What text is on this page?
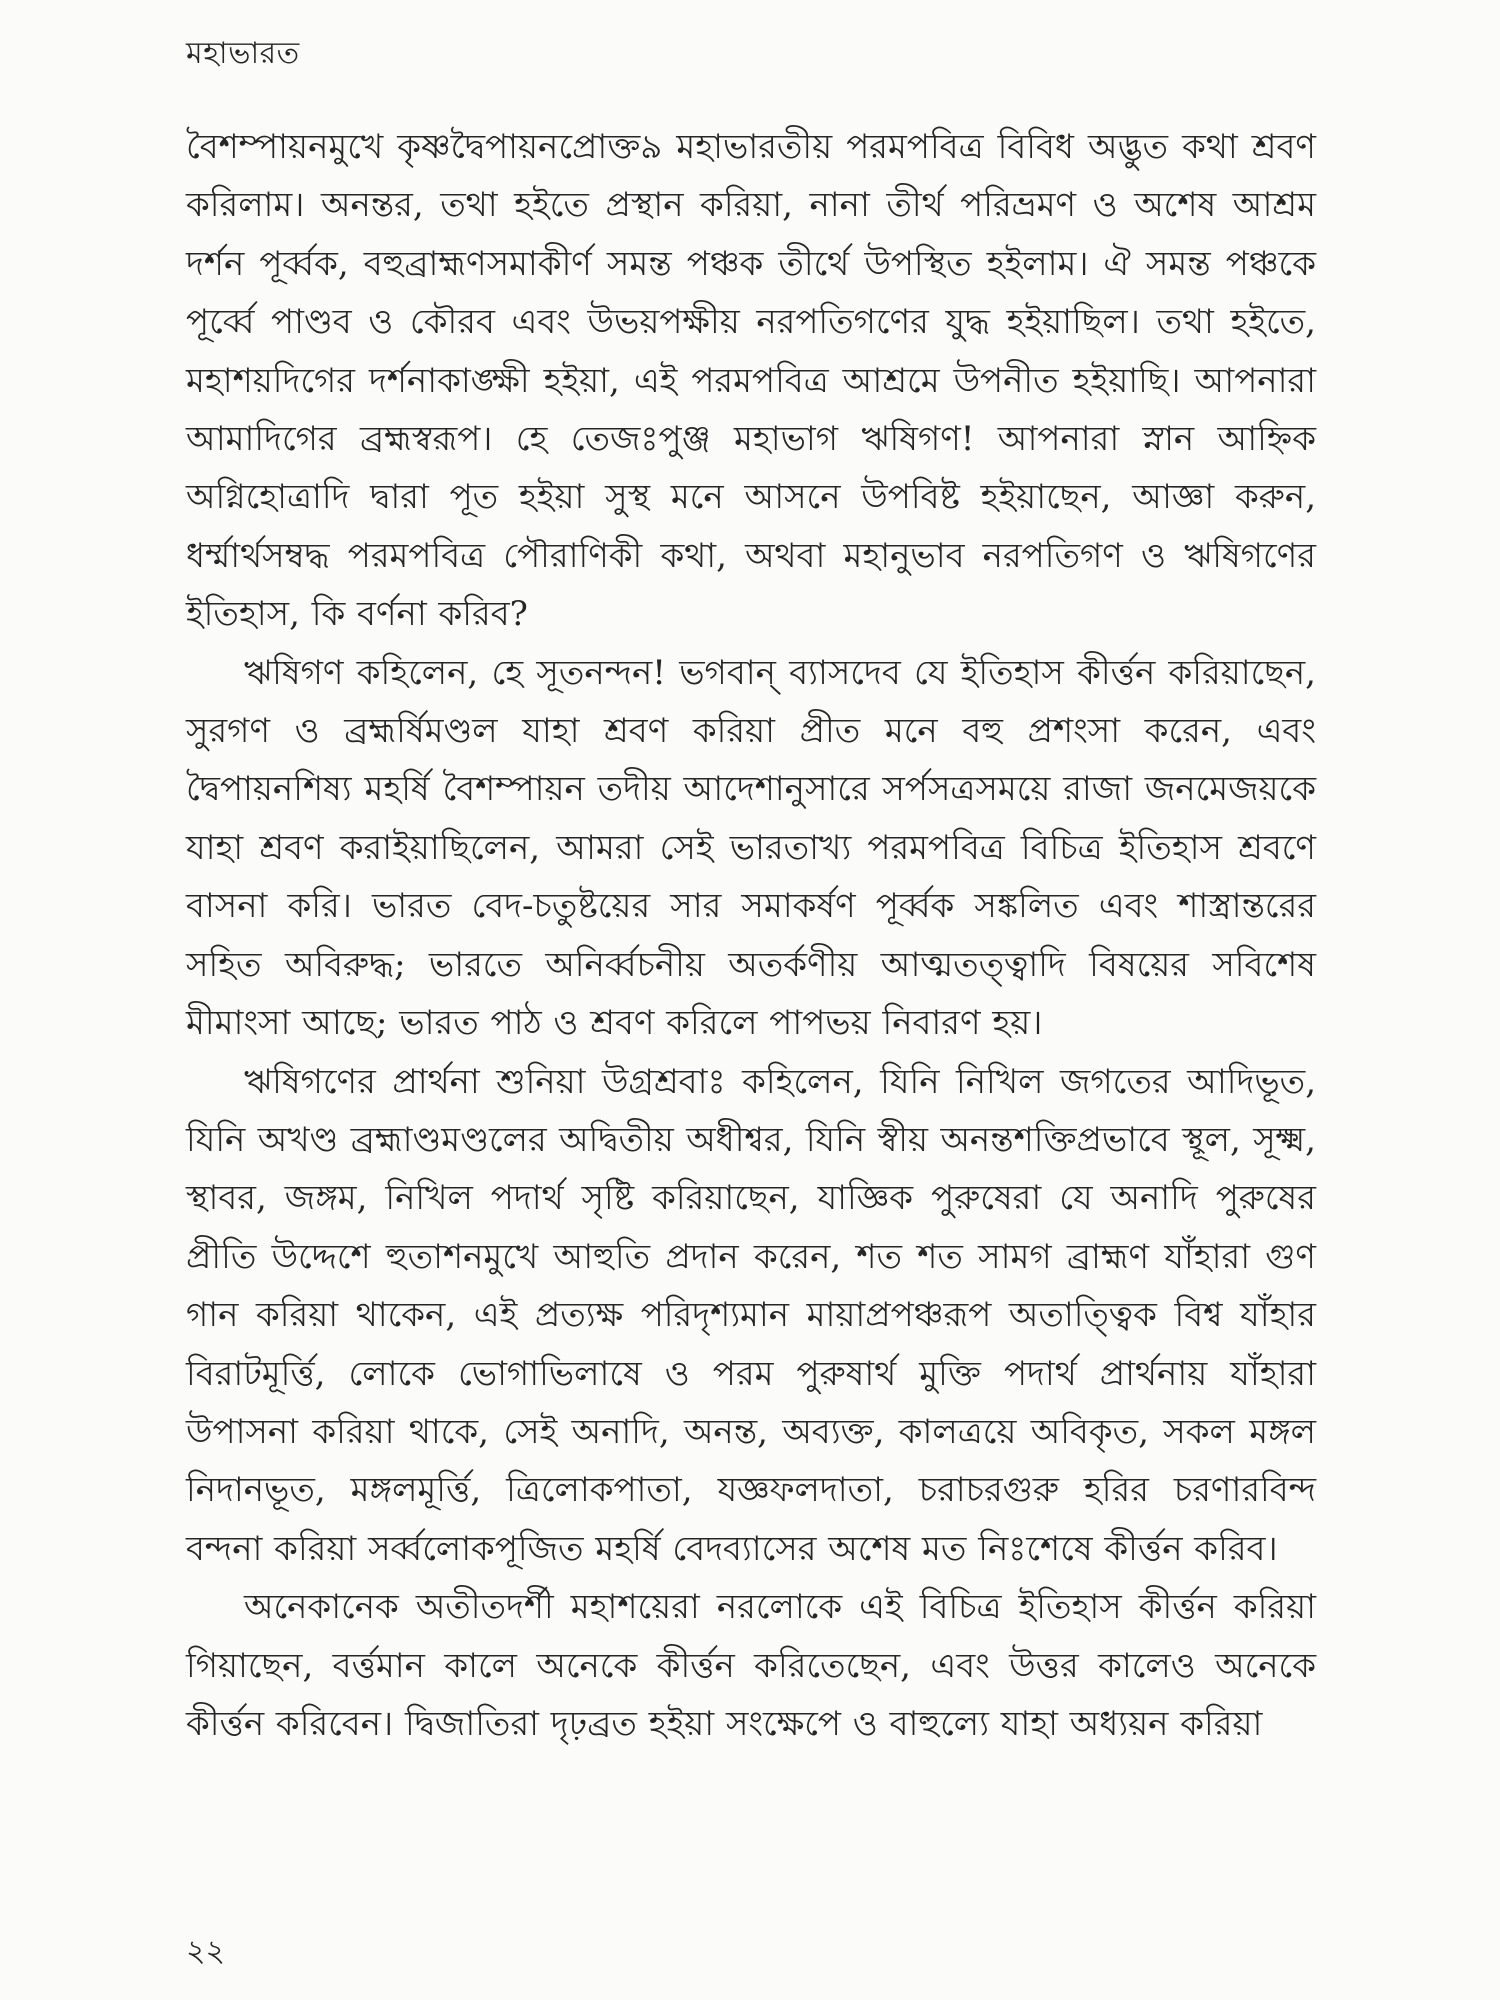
মহাভারত

বৈশম্পায়নমুখে কৃষ্ণদ্বৈপায়নপ্রোক্ত৯ মহাভারতীয় পরমপবিত্র বিবিধ অদ্ভুত কথা শ্রবণ করিলাম। অনন্তর, তথা হইতে প্রস্থান করিয়া, নানা তীর্থ পরিভ্রমণ ও অশেষ আশ্রম দর্শন পূর্ব্বক, বহুব্রাহ্মণসমাকীর্ণ সমন্ত পঞ্চক তীর্থে উপস্থিত হইলাম। ঐ সমন্ত পঞ্চকে পূর্ব্বে পাণ্ডব ও কৌরব এবং উভয়পক্ষীয় নরপতিগণের যুদ্ধ হইয়াছিল। তথা হইতে, মহাশয়দিগের দর্শনাকাঙ্ক্ষী হইয়া, এই পরমপবিত্র আশ্রমে উপনীত হইয়াছি। আপনারা আমাদিগের ব্রহ্মস্বরূপ। হে তেজঃপুঞ্জ মহাভাগ ঋষিগণ! আপনারা স্নান আহ্নিক অগ্নিহোত্রাদি দ্বারা পূত হইয়া সুস্থ মনে আসনে উপবিষ্ট হইয়াছেন, আজ্ঞা করুন, ধর্ম্মার্থসম্বদ্ধ পরমপবিত্র পৌরাণিকী কথা, অথবা মহানুভাব নরপতিগণ ও ঋষিগণের ইতিহাস, কি বর্ণনা করিব?

ঋষিগণ কহিলেন, হে সূতনন্দন! ভগবান্ ব্যাসদেব যে ইতিহাস কীর্ত্তন করিয়াছেন, সুরগণ ও ব্রহ্মর্ষিমণ্ডল যাহা শ্রবণ করিয়া প্রীত মনে বহু প্রশংসা করেন, এবং দ্বৈপায়নশিষ্য মহর্ষি বৈশম্পায়ন তদীয় আদেশানুসারে সর্পসত্রসময়ে রাজা জনমেজয়কে যাহা শ্রবণ করাইয়াছিলেন, আমরা সেই ভারতাখ্য পরমপবিত্র বিচিত্র ইতিহাস শ্রবণে বাসনা করি। ভারত বেদ-চতুষ্টয়ের সার সমাকর্ষণ পূর্ব্বক সঙ্কলিত এবং শাস্ত্রান্তরের সহিত অবিরুদ্ধ; ভারতে অনির্ব্বচনীয় অতর্কণীয় আত্মতত্ত্বাদি বিষয়ের সবিশেষ মীমাংসা আছে; ভারত পাঠ ও শ্রবণ করিলে পাপভয় নিবারণ হয়।

ঋষিগণের প্রার্থনা শুনিয়া উগ্রশ্রবাঃ কহিলেন, যিনি নিখিল জগতের আদিভূত, যিনি অখণ্ড ব্রহ্মাণ্ডমণ্ডলের অদ্বিতীয় অধীশ্বর, যিনি স্বীয় অনন্তশক্তিপ্রভাবে স্থূল, সূক্ষ্ম, স্থাবর, জঙ্গম, নিখিল পদার্থ সৃষ্টি করিয়াছেন, যাজ্ঞিক পুরুষেরা যে অনাদি পুরুষের প্রীতি উদ্দেশে হুতাশনমুখে আহুতি প্রদান করেন, শত শত সামগ ব্রাহ্মণ যাঁহারা গুণ গান করিয়া থাকেন, এই প্রত্যক্ষ পরিদৃশ্যমান মায়াপ্রপঞ্চরূপ অতাত্ত্বিক বিশ্ব যাঁহার বিরাটমূর্ত্তি, লোকে ভোগাভিলাষে ও পরম পুরুষার্থ মুক্তি পদার্থ প্রার্থনায় যাঁহারা উপাসনা করিয়া থাকে, সেই অনাদি, অনন্ত, অব্যক্ত, কালত্রয়ে অবিকৃত, সকল মঙ্গল নিদানভূত, মঙ্গলমূর্ত্তি, ত্রিলোকপাতা, যজ্ঞফলদাতা, চরাচরগুরু হরির চরণারবিন্দ বন্দনা করিয়া সর্ব্বলোকপূজিত মহর্ষি বেদব্যাসের অশেষ মত নিঃশেষে কীর্ত্তন করিব।

অনেকানেক অতীতদর্শী মহাশয়েরা নরলোকে এই বিচিত্র ইতিহাস কীর্ত্তন করিয়া গিয়াছেন, বর্ত্তমান কালে অনেকে কীর্ত্তন করিতেছেন, এবং উত্তর কালেও অনেকে কীর্ত্তন করিবেন। দ্বিজাতিরা দৃঢ়ব্রত হইয়া সংক্ষেপে ও বাহুল্যে যাহা অধ্যয়ন করিয়া

২২
